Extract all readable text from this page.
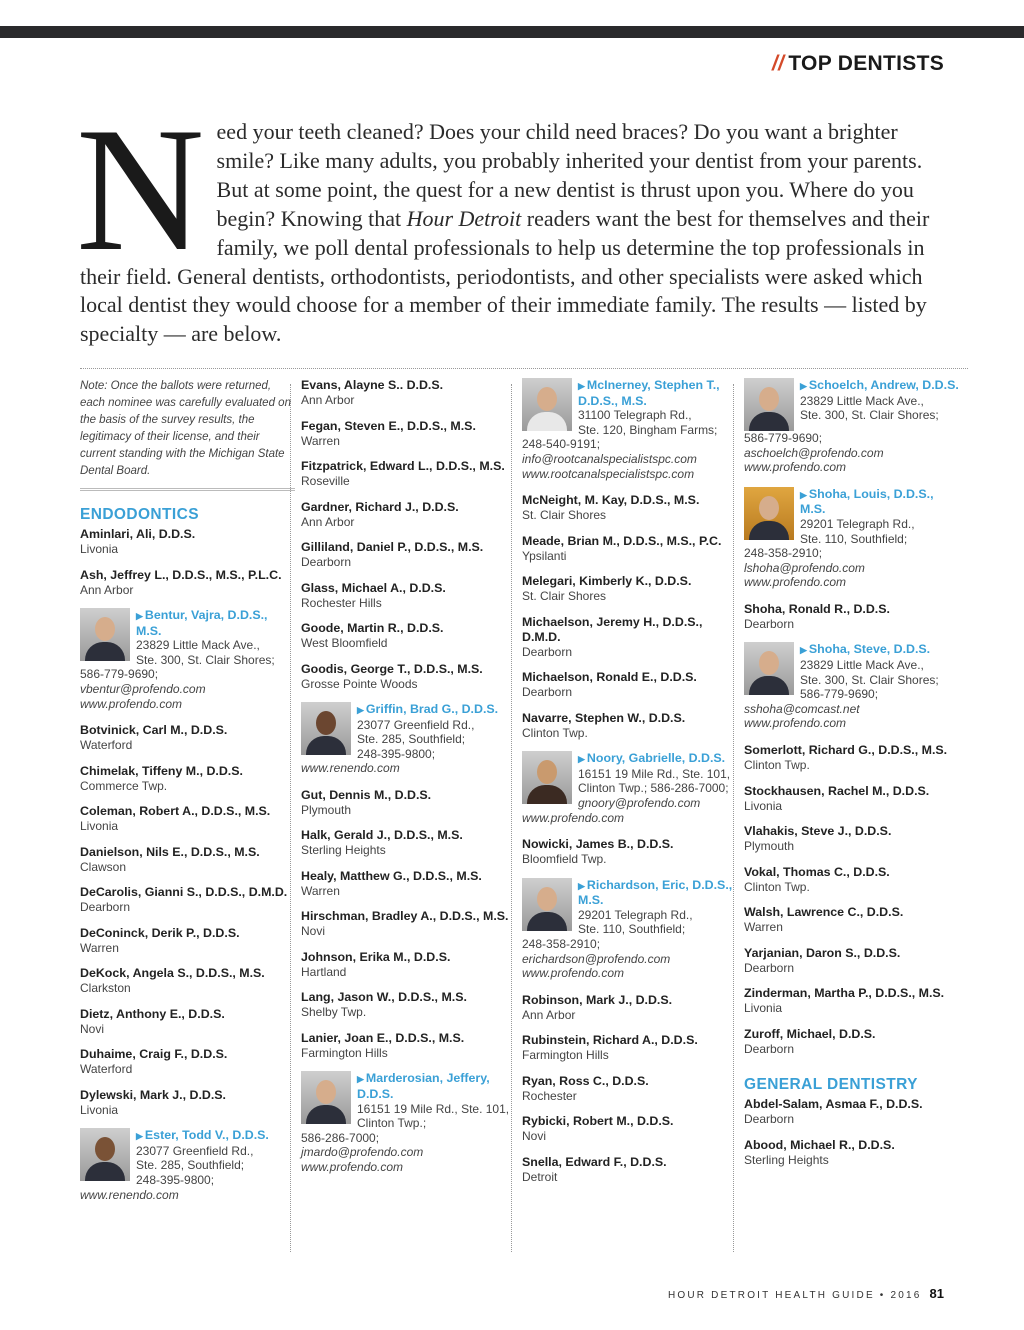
// TOP DENTISTS
Need your teeth cleaned? Does your child need braces? Do you want a brighter smile? Like many adults, you probably inherited your dentist from your parents. But at some point, the quest for a new dentist is thrust upon you. Where do you begin? Knowing that Hour Detroit readers want the best for themselves and their family, we poll dental professionals to help us determine the top professionals in their field. General dentists, orthodontists, periodontists, and other specialists were asked which local dentist they would choose for a member of their immediate family. The results — listed by specialty — are below.
Note: Once the ballots were returned, each nominee was carefully evaluated on the basis of the survey results, the legitimacy of their license, and their current standing with the Michigan State Dental Board.
ENDODONTICS
Aminlari, Ali, D.D.S.
Livonia
Ash, Jeffrey L., D.D.S., M.S., P.L.C.
Ann Arbor
▶ Bentur, Vajra, D.D.S., M.S.
23829 Little Mack Ave.,
Ste. 300, St. Clair Shores;
586-779-9690;
vbentur@profendo.com
www.profendo.com
Botvinick, Carl M., D.D.S.
Waterford
Chimelak, Tiffeny M., D.D.S.
Commerce Twp.
Coleman, Robert A., D.D.S., M.S.
Livonia
Danielson, Nils E., D.D.S., M.S.
Clawson
DeCarolis, Gianni S., D.D.S., D.M.D.
Dearborn
DeConinck, Derik P., D.D.S.
Warren
DeKock, Angela S., D.D.S., M.S.
Clarkston
Dietz, Anthony E., D.D.S.
Novi
Duhaime, Craig F., D.D.S.
Waterford
Dylewski, Mark J., D.D.S.
Livonia
▶ Ester, Todd V., D.D.S.
23077 Greenfield Rd.,
Ste. 285, Southfield;
248-395-9800;
www.renendo.com
Evans, Alayne S.. D.D.S.
Ann Arbor
Fegan, Steven E., D.D.S., M.S.
Warren
Fitzpatrick, Edward L., D.D.S., M.S.
Roseville
Gardner, Richard J., D.D.S.
Ann Arbor
Gilliland, Daniel P., D.D.S., M.S.
Dearborn
Glass, Michael A., D.D.S.
Rochester Hills
Goode, Martin R., D.D.S.
West Bloomfield
Goodis, George T., D.D.S., M.S.
Grosse Pointe Woods
▶ Griffin, Brad G., D.D.S.
23077 Greenfield Rd.,
Ste. 285, Southfield;
248-395-9800;
www.renendo.com
Gut, Dennis M., D.D.S.
Plymouth
Halk, Gerald J., D.D.S., M.S.
Sterling Heights
Healy, Matthew G., D.D.S., M.S.
Warren
Hirschman, Bradley A., D.D.S., M.S.
Novi
Johnson, Erika M., D.D.S.
Hartland
Lang, Jason W., D.D.S., M.S.
Shelby Twp.
Lanier, Joan E., D.D.S., M.S.
Farmington Hills
▶ Marderosian, Jeffery, D.D.S.
16151 19 Mile Rd., Ste. 101,
Clinton Twp.;
586-286-7000;
jmardo@profendo.com
www.profendo.com
▶ McInerney, Stephen T., D.D.S., M.S.
31100 Telegraph Rd.,
Ste. 120, Bingham Farms;
248-540-9191;
info@rootcanalspecialistspc.com
www.rootcanalspecialistspc.com
McNeight, M. Kay, D.D.S., M.S.
St. Clair Shores
Meade, Brian M., D.D.S., M.S., P.C.
Ypsilanti
Melegari, Kimberly K., D.D.S.
St. Clair Shores
Michaelson, Jeremy H., D.D.S., D.M.D.
Dearborn
Michaelson, Ronald E., D.D.S.
Dearborn
Navarre, Stephen W., D.D.S.
Clinton Twp.
▶ Noory, Gabrielle, D.D.S.
16151 19 Mile Rd., Ste. 101,
Clinton Twp.; 586-286-7000;
gnoory@profendo.com
www.profendo.com
Nowicki, James B., D.D.S.
Bloomfield Twp.
▶ Richardson, Eric, D.D.S., M.S.
29201 Telegraph Rd.,
Ste. 110, Southfield;
248-358-2910;
erichardson@profendo.com
www.profendo.com
Robinson, Mark J., D.D.S.
Ann Arbor
Rubinstein, Richard A., D.D.S.
Farmington Hills
Ryan, Ross C., D.D.S.
Rochester
Rybicki, Robert M., D.D.S.
Novi
Snella, Edward F., D.D.S.
Detroit
▶ Schoelch, Andrew, D.D.S.
23829 Little Mack Ave.,
Ste. 300, St. Clair Shores;
586-779-9690;
aschoelch@profendo.com
www.profendo.com
▶ Shoha, Louis, D.D.S., M.S.
29201 Telegraph Rd.,
Ste. 110, Southfield;
248-358-2910;
lshoha@profendo.com
www.profendo.com
Shoha, Ronald R., D.D.S.
Dearborn
▶ Shoha, Steve, D.D.S.
23829 Little Mack Ave.,
Ste. 300, St. Clair Shores;
586-779-9690;
sshoha@comcast.net
www.profendo.com
Somerlott, Richard G., D.D.S., M.S.
Clinton Twp.
Stockhausen, Rachel M., D.D.S.
Livonia
Vlahakis, Steve J., D.D.S.
Plymouth
Vokal, Thomas C., D.D.S.
Clinton Twp.
Walsh, Lawrence C., D.D.S.
Warren
Yarjanian, Daron S., D.D.S.
Dearborn
Zinderman, Martha P., D.D.S., M.S.
Livonia
Zuroff, Michael, D.D.S.
Dearborn
GENERAL DENTISTRY
Abdel-Salam, Asmaa F., D.D.S.
Dearborn
Abood, Michael R., D.D.S.
Sterling Heights
HOUR DETROIT HEALTH GUIDE • 2016 81
